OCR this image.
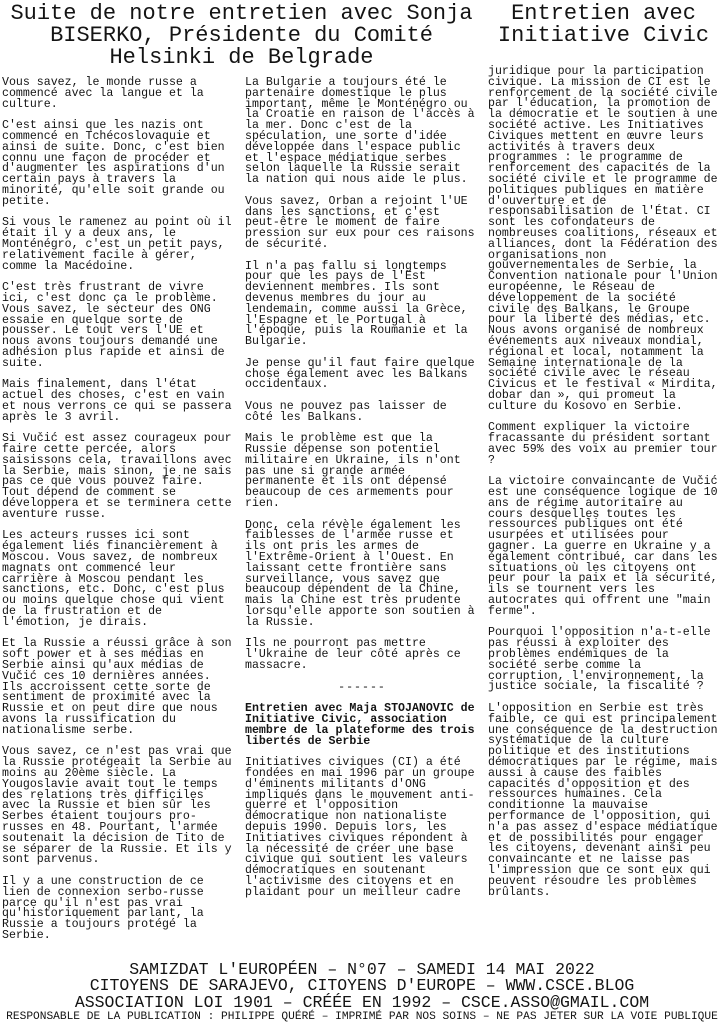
Suite de notre entretien avec Sonja BISERKO, Présidente du Comité Helsinki de Belgrade
Entretien avec Initiative Civic

Vous savez, le monde russe a commencé avec la langue et la culture.

C'est ainsi que les nazis ont commencé en Tchécoslovaquie et ainsi de suite. Donc, c'est bien connu une façon de procéder et d'augmenter les aspirations d'un certain pays à travers la minorité, qu'elle soit grande ou petite.

Si vous le ramenez au point où il était il y a deux ans, le Monténégro, c'est un petit pays, relativement facile à gérer, comme la Macédoine.

C'est très frustrant de vivre ici, c'est donc ça le problème. Vous savez, le secteur des ONG essaie en quelque sorte de pousser. Le tout vers l'UE et nous avons toujours demandé une adhésion plus rapide et ainsi de suite.

Mais finalement, dans l'état actuel des choses, c'est en vain et nous verrons ce qui se passera après le 3 avril.

Si Vučić est assez courageux pour faire cette percée, alors saisissons cela, travaillons avec la Serbie, mais sinon, je ne sais pas ce que vous pouvez faire. Tout dépend de comment se développera et se terminera cette aventure russe.

Les acteurs russes ici sont également liés financièrement à Moscou. Vous savez, de nombreux magnats ont commencé leur carrière à Moscou pendant les sanctions, etc. Donc, c'est plus ou moins quelque chose qui vient de la frustration et de l'émotion, je dirais.

Et la Russie a réussi grâce à son soft power et à ses médias en Serbie ainsi qu'aux médias de Vučić ces 10 dernières années. Ils accroissent cette sorte de sentiment de proximité avec la Russie et on peut dire que nous avons la russification du nationalisme serbe.

Vous savez, ce n'est pas vrai que la Russie protégeait la Serbie au moins au 20ème siècle. La Yougoslavie avait tout le temps des relations très difficiles avec la Russie et bien sûr les Serbes étaient toujours pro-russes en 48. Pourtant, l'armée soutenait la décision de Tito de se séparer de la Russie. Et ils y sont parvenus.

Il y a une construction de ce lien de connexion serbo-russe parce qu'il n'est pas vrai qu'historiquement parlant, la Russie a toujours protégé la Serbie.

La Bulgarie a toujours été le partenaire domestique le plus important, même le Monténégro ou la Croatie en raison de l'accès à la mer. Donc c'est de la spéculation, une sorte d'idée développée dans l'espace public et l'espace médiatique serbes selon laquelle la Russie serait la nation qui nous aide le plus.

Vous savez, Orban a rejoint l'UE dans les sanctions, et c'est peut-être le moment de faire pression sur eux pour ces raisons de sécurité.

Il n'a pas fallu si longtemps pour que les pays de l'Est deviennent membres. Ils sont devenus membres du jour au lendemain, comme aussi la Grèce, l'Espagne et le Portugal à l'époque, puis la Roumanie et la Bulgarie.

Je pense qu'il faut faire quelque chose également avec les Balkans occidentaux.

Vous ne pouvez pas laisser de côté les Balkans.

Mais le problème est que la Russie dépense son potentiel militaire en Ukraine, ils n'ont pas une si grande armée permanente et ils ont dépensé beaucoup de ces armements pour rien.

Donc, cela révèle également les faiblesses de l'armée russe et ils ont pris les armes de l'Extrême-Orient à l'Ouest. En laissant cette frontière sans surveillance, vous savez que beaucoup dépendent de la Chine, mais la Chine est très prudente lorsqu'elle apporte son soutien à la Russie.

Ils ne pourront pas mettre l'Ukraine de leur côté après ce massacre.

------

Entretien avec Maja STOJANOVIC de Initiative Civic, association membre de la plateforme des trois libertés de Serbie

Initiatives civiques (CI) a été fondées en mai 1996 par un groupe d'éminents militants d'ONG impliqués dans le mouvement anti-guerre et l'opposition démocratique non nationaliste depuis 1990. Depuis lors, les Initiatives civiques répondent à la nécessité de créer une base civique qui soutient les valeurs démocratiques en soutenant l'activisme des citoyens et en plaidant pour un meilleur cadre

juridique pour la participation civique. La mission de CI est le renforcement de la société civile par l'éducation, la promotion de la démocratie et le soutien à une société active. Les Initiatives Civiques mettent en œuvre leurs activités à travers deux programmes : le programme de renforcement des capacités de la société civile et le programme de politiques publiques en matière d'ouverture et de responsabilisation de l'État. CI sont les cofondateurs de nombreuses coalitions, réseaux et alliances, dont la Fédération des organisations non gouvernementales de Serbie, la Convention nationale pour l'Union européenne, le Réseau de développement de la société civile des Balkans, le Groupe pour la liberté des médias, etc. Nous avons organisé de nombreux événements aux niveaux mondial, régional et local, notamment la Semaine internationale de la société civile avec le réseau Civicus et le festival « Mirdita, dobar dan », qui promeut la culture du Kosovo en Serbie.

Comment expliquer la victoire fracassante du président sortant avec 59% des voix au premier tour ?

La victoire convaincante de Vučić est une conséquence logique de 10 ans de régime autoritaire au cours desquelles toutes les ressources publiques ont été usurpées et utilisées pour gagner. La guerre en Ukraine y a également contribué, car dans les situations où les citoyens ont peur pour la paix et la sécurité, ils se tournent vers les autocrates qui offrent une "main ferme".

Pourquoi l'opposition n'a-t-elle pas réussi à exploiter des problèmes endémiques de la société serbe comme la corruption, l'environnement, la justice sociale, la fiscalité ?

L'opposition en Serbie est très faible, ce qui est principalement une conséquence de la destruction systématique de la culture politique et des institutions démocratiques par le régime, mais aussi à cause des faibles capacités d'opposition et des ressources humaines. Cela conditionne la mauvaise performance de l'opposition, qui n'a pas assez d'espace médiatique et de possibilités pour engager les citoyens, devenant ainsi peu convaincante et ne laisse pas l'impression que ce sont eux qui peuvent résoudre les problèmes brûlants.

SAMIZDAT L'EUROPÉEN – N°07 – SAMEDI 14 MAI 2022
CITOYENS DE SARAJEVO, CITOYENS D'EUROPE – WWW.CSCE.BLOG
ASSOCIATION LOI 1901 – CRÉÉE EN 1992 – CSCE.ASSO@GMAIL.COM
RESPONSABLE DE LA PUBLICATION : PHILIPPE QUÉRÉ – IMPRIMÉ PAR NOS SOINS – NE PAS JETER SUR LA VOIE PUBLIQUE
